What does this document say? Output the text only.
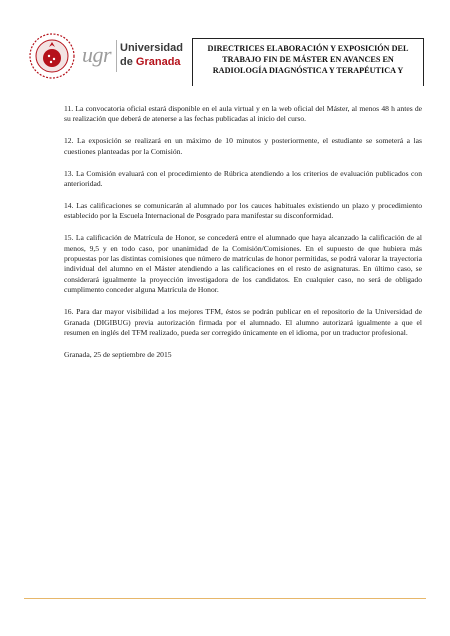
ugr Universidad
de Granada
DIRECTRICES ELABORACIÓN Y EXPOSICIÓN DEL TRABAJO FIN DE MÁSTER EN AVANCES EN RADIOLOGÍA DIAGNÓSTICA Y TERAPÉUTICA Y

11. La convocatoria oficial estará disponible en el aula virtual y en la web oficial del Máster, al menos 48 h antes de su realización que deberá de atenerse a las fechas publicadas al inicio del curso.

12. La exposición se realizará en un máximo de 10 minutos y posteriormente, el estudiante se someterá a las cuestiones planteadas por la Comisión.

13. La Comisión evaluará con el procedimiento de Rúbrica atendiendo a los criterios de evaluación publicados con anterioridad.

14. Las calificaciones se comunicarán al alumnado por los cauces habituales existiendo un plazo y procedimiento establecido por la Escuela Internacional de Posgrado para manifestar su disconformidad.

15. La calificación de Matrícula de Honor, se concederá entre el alumnado que haya alcanzado la calificación de al menos, 9,5 y en todo caso, por unanimidad de la Comisión/Comisiones. En el supuesto de que hubiera más propuestas por las distintas comisiones que número de matrículas de honor permitidas, se podrá valorar la trayectoria individual del alumno en el Máster atendiendo a las calificaciones en el resto de asignaturas. En último caso, se considerará igualmente la proyección investigadora de los candidatos. En cualquier caso, no será de obligado cumplimento conceder alguna Matrícula de Honor.

16. Para dar mayor visibilidad a los mejores TFM, éstos se podrán publicar en el repositorio de la Universidad de Granada (DIGIBUG) previa autorización firmada por el alumnado. El alumno autorizará igualmente a que el resumen en inglés del TFM realizado, pueda ser corregido únicamente en el idioma, por un traductor profesional.

Granada, 25 de septiembre de 2015
